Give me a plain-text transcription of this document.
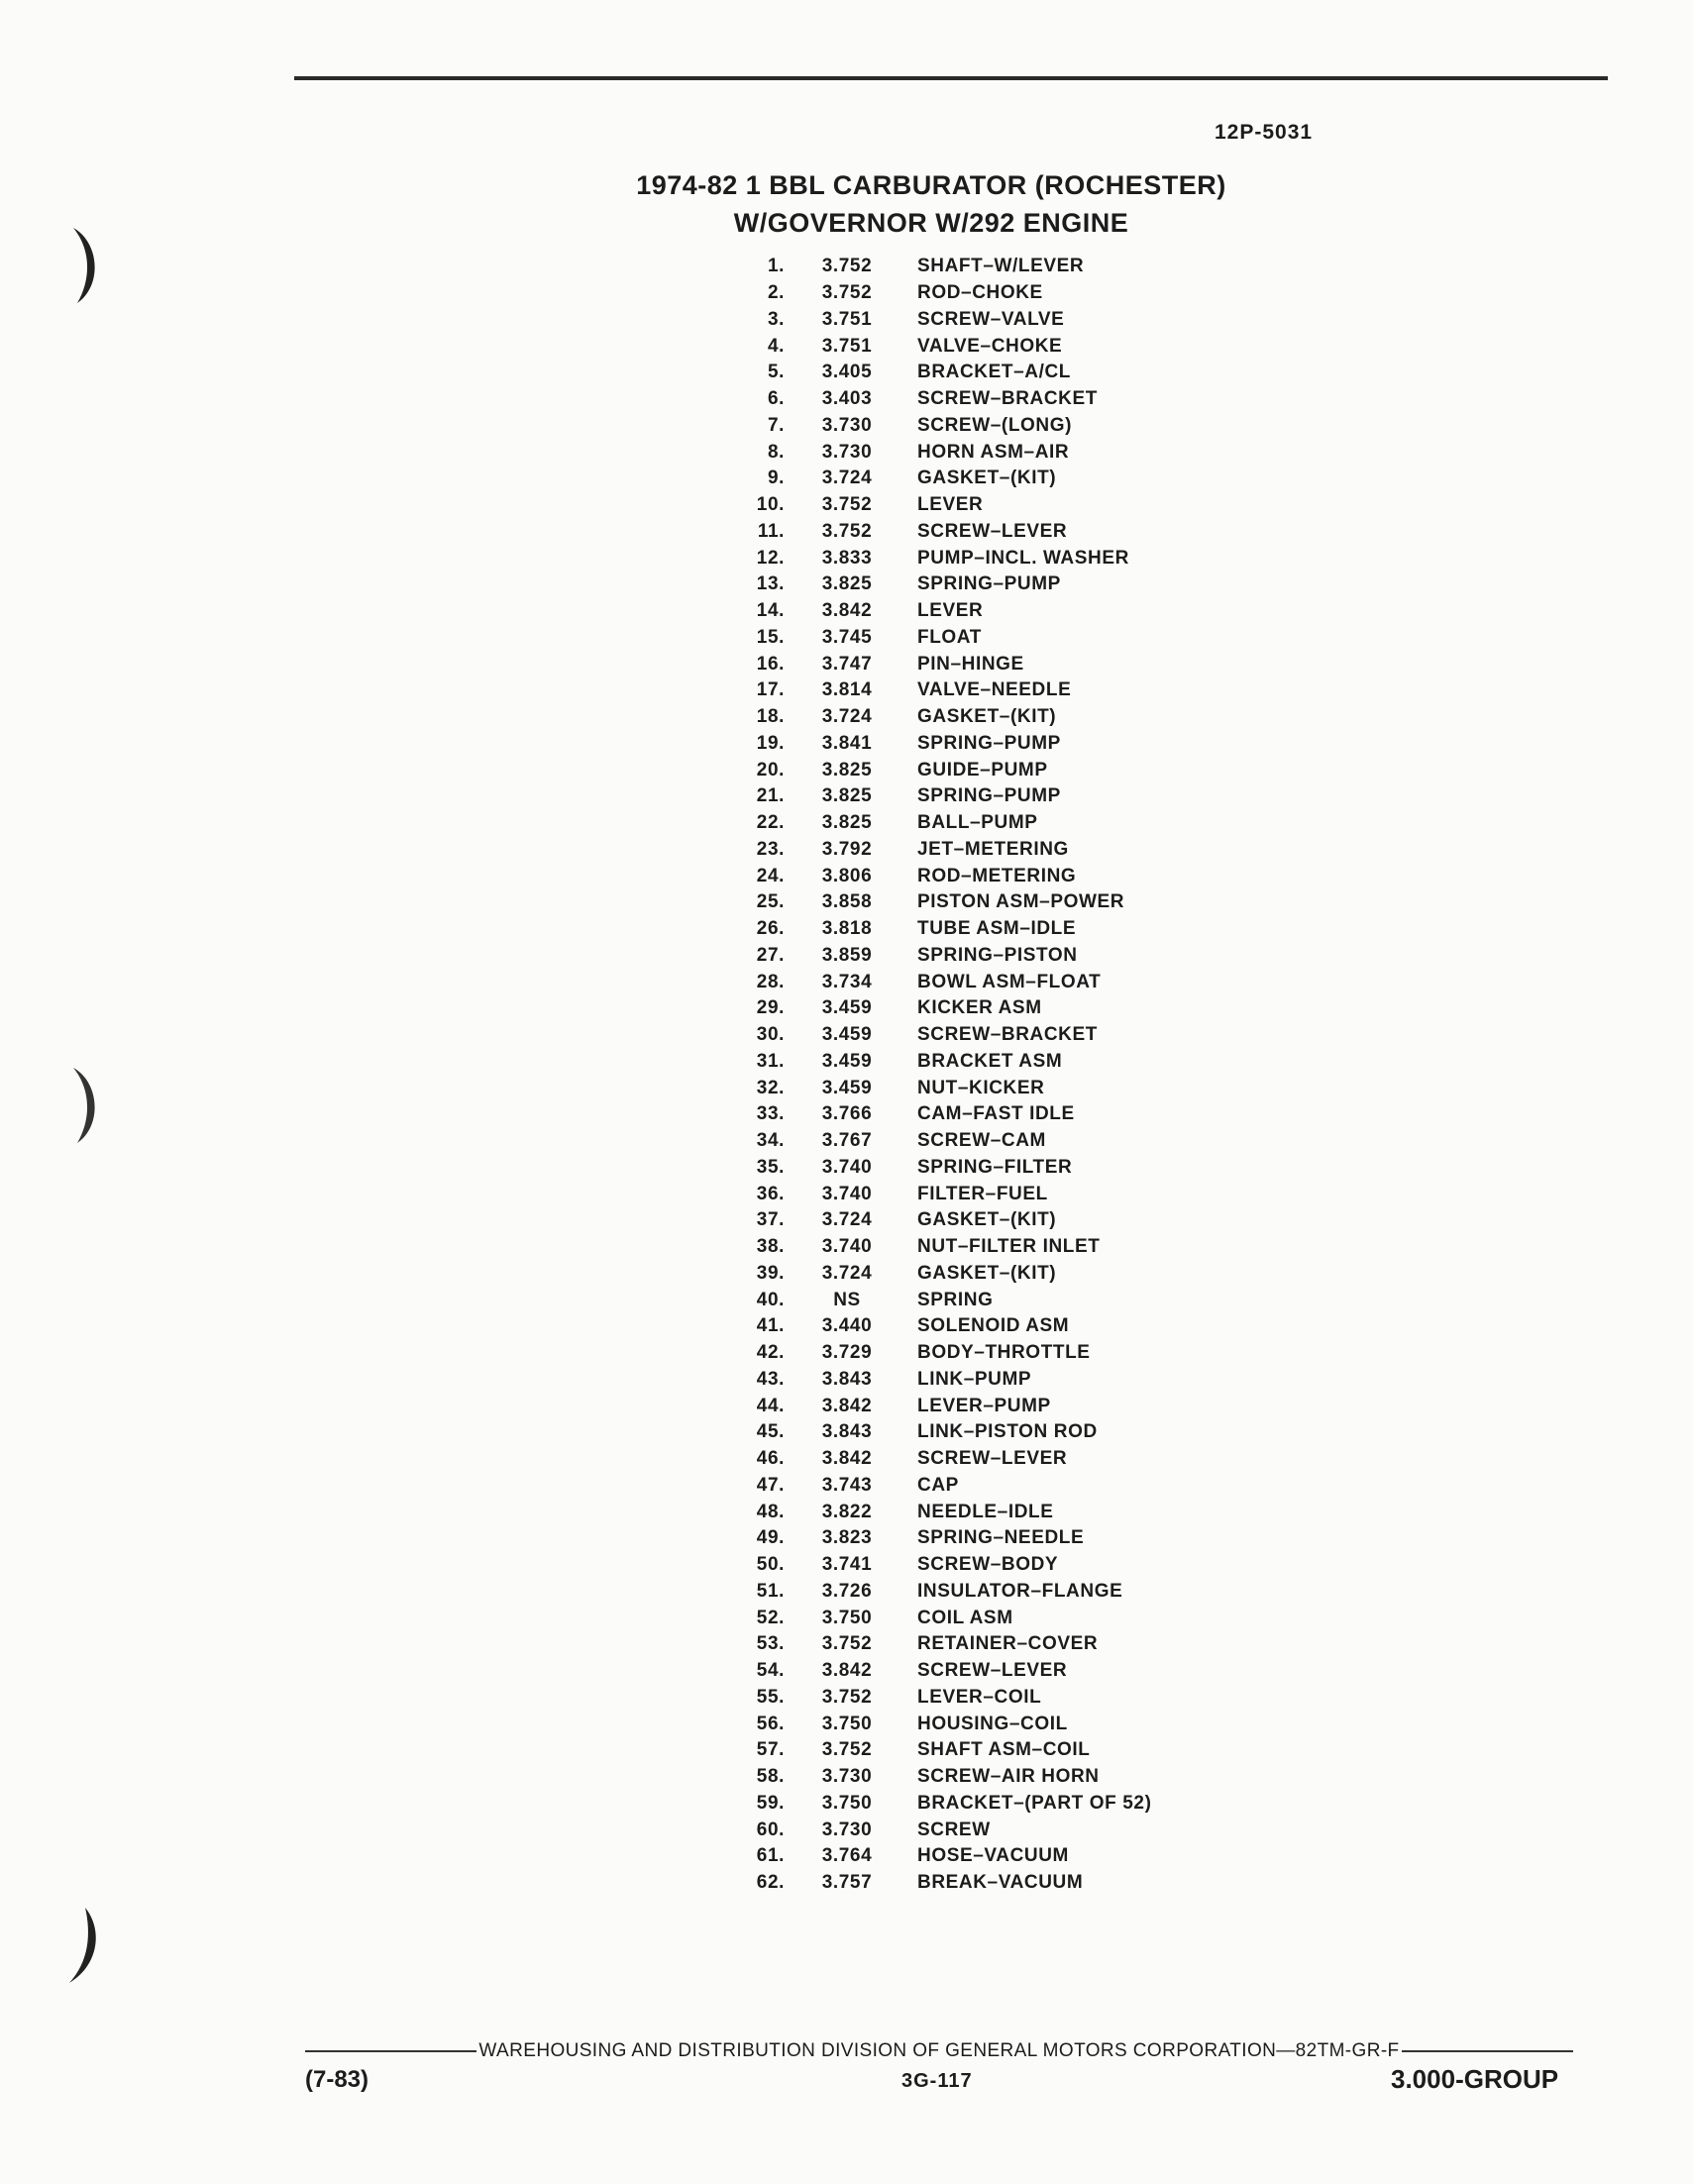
12P-5031
1974-82 1 BBL CARBURATOR (ROCHESTER)
W/GOVERNOR W/292 ENGINE
1.	3.752	SHAFT–W/LEVER
2.	3.752	ROD–CHOKE
3.	3.751	SCREW–VALVE
4.	3.751	VALVE–CHOKE
5.	3.405	BRACKET–A/CL
6.	3.403	SCREW–BRACKET
7.	3.730	SCREW–(LONG)
8.	3.730	HORN ASM–AIR
9.	3.724	GASKET–(KIT)
10.	3.752	LEVER
11.	3.752	SCREW–LEVER
12.	3.833	PUMP–INCL. WASHER
13.	3.825	SPRING–PUMP
14.	3.842	LEVER
15.	3.745	FLOAT
16.	3.747	PIN–HINGE
17.	3.814	VALVE–NEEDLE
18.	3.724	GASKET–(KIT)
19.	3.841	SPRING–PUMP
20.	3.825	GUIDE–PUMP
21.	3.825	SPRING–PUMP
22.	3.825	BALL–PUMP
23.	3.792	JET–METERING
24.	3.806	ROD–METERING
25.	3.858	PISTON ASM–POWER
26.	3.818	TUBE ASM–IDLE
27.	3.859	SPRING–PISTON
28.	3.734	BOWL ASM–FLOAT
29.	3.459	KICKER ASM
30.	3.459	SCREW–BRACKET
31.	3.459	BRACKET ASM
32.	3.459	NUT–KICKER
33.	3.766	CAM–FAST IDLE
34.	3.767	SCREW–CAM
35.	3.740	SPRING–FILTER
36.	3.740	FILTER–FUEL
37.	3.724	GASKET–(KIT)
38.	3.740	NUT–FILTER INLET
39.	3.724	GASKET–(KIT)
40.	NS	SPRING
41.	3.440	SOLENOID ASM
42.	3.729	BODY–THROTTLE
43.	3.843	LINK–PUMP
44.	3.842	LEVER–PUMP
45.	3.843	LINK–PISTON ROD
46.	3.842	SCREW–LEVER
47.	3.743	CAP
48.	3.822	NEEDLE–IDLE
49.	3.823	SPRING–NEEDLE
50.	3.741	SCREW–BODY
51.	3.726	INSULATOR–FLANGE
52.	3.750	COIL ASM
53.	3.752	RETAINER–COVER
54.	3.842	SCREW–LEVER
55.	3.752	LEVER–COIL
56.	3.750	HOUSING–COIL
57.	3.752	SHAFT ASM–COIL
58.	3.730	SCREW–AIR HORN
59.	3.750	BRACKET–(PART OF 52)
60.	3.730	SCREW
61.	3.764	HOSE–VACUUM
62.	3.757	BREAK–VACUUM
WAREHOUSING AND DISTRIBUTION DIVISION OF GENERAL MOTORS CORPORATION—82TM-GR-F
(7-83)	3G-117	3.000-GROUP
